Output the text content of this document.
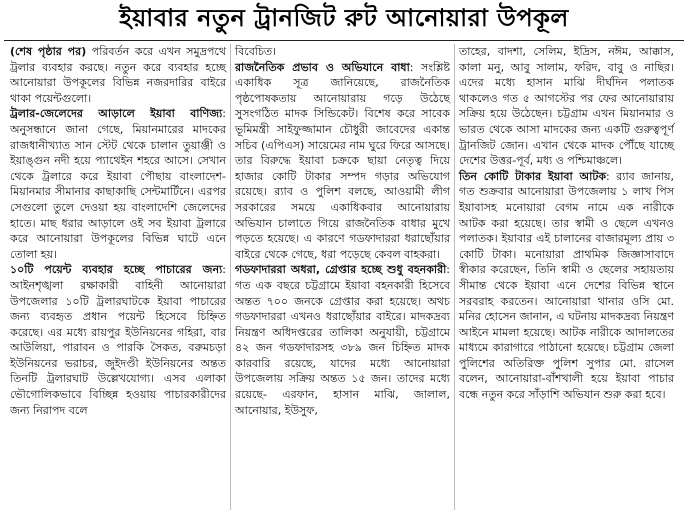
ইয়াবার নতুন ট্রানজিট রুট আনোয়ারা উপকূল

(শেষ পৃষ্ঠার পর) পরিবর্তন করে এখন সমুদ্রপথে ট্রলার ব্যবহার করছে। নতুন করে ব্যবহার হচ্ছে আনোয়ারা উপকূলের বিভিন্ন নজরদারির বাইরে থাকা পয়েন্টগুলো।

ট্রলার-জেলেদের আড়ালে ইয়াবা বাণিজ্য: অনুসন্ধানে জানা গেছে, মিয়ানমারের মাদকের রাজধানীখ্যাত সান স্টেট থেকে চালান তুয়াঞ্জী ও ইয়াঙ্গুন নদী হয়ে প্যাথেইন শহরে আসে। সেখান থেকে ট্রলারে করে ইয়াবা পৌছায় বাংলাদেশ-মিয়ানমার সীমানার কাছাকাছি সেন্টমার্টিনে। এরপর সেগুলো তুলে দেওয়া হয় বাংলাদেশি জেলেদের হাতে। মাছ ধরার আড়ালে ওই সব ইয়াবা ট্রলারে করে আনোয়ারা উপকূলের বিভিন্ন ঘাটে এনে তোলা হয়।

১০টি পয়েন্ট ব্যবহার হচ্ছে পাচারের জন্য: আইনশৃঙ্খলা রক্ষাকারী বাহিনী আনোয়ারা উপজেলার ১০টি ট্রলারঘাটকে ইয়াবা পাচারের জন্য ব্যবহৃত প্রধান পয়েন্ট হিসেবে চিহ্নিত করেছে। এর মধ্যে রায়পুর ইউনিয়নের গহিরা, বার আউলিয়া, পারাবন ও পারকি সৈকত, বরুমচড়া ইউনিয়নের ভরাচর, জুইদণ্ডী ইউনিয়নের অন্তত তিনটি ট্রলারঘাট উল্লেখযোগ্য। এসব এলাকা ভৌগোলিকভাবে বিচ্ছিন্ন হওয়ায় পাচারকারীদের জন্য নিরাপদ বলে

বিবেচিত।

রাজনৈতিক প্রভাব ও অভিযানে বাধা: সংশ্লিষ্ট একাধিক সূত্র জানিয়েছে, রাজনৈতিক পৃষ্ঠপোষকতায় আনোয়ারায় গড়ে উঠেছে সুসংগঠিত মাদক সিন্ডিকেট। বিশেষ করে সাবেক ভূমিমন্ত্রী সাইফুজ্জামান চৌধুরী জাবেদের একান্ত সচিব (এপিএস) সায়েমের নাম ঘুরে ফিরে আসছে। তার বিরুদ্ধে ইয়াবা চক্রকে ছায়া নেতৃত্ব দিয়ে হাজার কোটি টাকার সম্পদ গড়ার অভিযোগ রয়েছে। র‍্যাব ও পুলিশ বলছে, আওয়ামী লীগ সরকারের সময়ে একাধিকবার আনোয়ারায় অভিযান চালাতে গিয়ে রাজনৈতিক বাধার মুখে পড়তে হয়েছে। এ কারণে গডফাদাররা ধরাছোঁয়ার বাইরে থেকে গেছে, ধরা পড়েছে কেবল বাহকরা।

গডফাদাররা অধরা, গ্রেপ্তার হচ্ছে শুধু বহনকারী: গত এক বছরে চট্টগ্রামে ইয়াবা বহনকারী হিসেবে অন্তত ৭০০ জনকে গ্রেপ্তার করা হয়েছে। অথচ গডফাদাররা এখনও ধরাছোঁয়ার বাইরে। মাদকদ্রব্য নিয়ন্ত্রণ অধিদপ্তরের তালিকা অনুযায়ী, চট্টগ্রামে ৪২ জন গডফাদারসহ ৩৮৯ জন চিহ্নিত মাদক কারবারি রয়েছে, যাদের মধ্যে আনোয়ারা উপজেলায় সক্রিয় অন্তত ১৫ জন। তাদের মধ্যে রয়েছে- এরফান, হাসান মাঝি, জালাল, আনোয়ার, ইউসুফ,

তাহের, বাদশা, সেলিম, ইদ্রিস, নঈম, আক্কাস, কালা মনু, আবু সালাম, ফরিদ, বাবু ও নাছির। এদের মধ্যে হাসান মাঝি দীর্ঘদিন পলাতক থাকলেও গত ৫ আগস্টের পর ফের আনোয়ারায় সক্রিয় হয়ে উঠেছেন। চট্টগ্রাম এখন মিয়ানমার ও ভারত থেকে আসা মাদকের জন্য একটি গুরুত্বপূর্ণ ট্রানজিট জোন। এখান থেকে মাদক পৌঁছে যাচ্ছে দেশের উত্তর-পূর্ব, মধ্য ও পশ্চিমাঞ্চলে।

তিন কোটি টাকার ইয়াবা আটক: র‍্যাব জানায়, গত শুক্রবার আনোয়ারা উপজেলায় ১ লাখ পিস ইয়াবাসহ মনোয়ারা বেগম নামে এক নারীকে আটক করা হয়েছে। তার স্বামী ও ছেলে এখনও পলাতক। ইয়াবার এই চালানের বাজারমূল্য প্রায় ৩ কোটি টাকা। মনোয়ারা প্রাথমিক জিজ্ঞাসাবাদে স্বীকার করেছেন, তিনি স্বামী ও ছেলের সহায়তায় সীমান্ত থেকে ইয়াবা এনে দেশের বিভিন্ন স্থানে সরবরাহ করতেন। আনোয়ারা থানার ওসি মো. মনির হোসেন জানান, এ ঘটনায় মাদকদ্রব্য নিয়ন্ত্রণ আইনে মামলা হয়েছে। আটক নারীকে আদালতের মাধ্যমে কারাগারে পাঠানো হয়েছে। চট্টগ্রাম জেলা পুলিশের অতিরিক্ত পুলিশ সুপার মো. রাসেল বলেন, আনোয়ারা-বাঁশখালী হয়ে ইয়াবা পাচার বন্ধে নতুন করে সাঁড়াশি অভিযান শুরু করা হবে।
